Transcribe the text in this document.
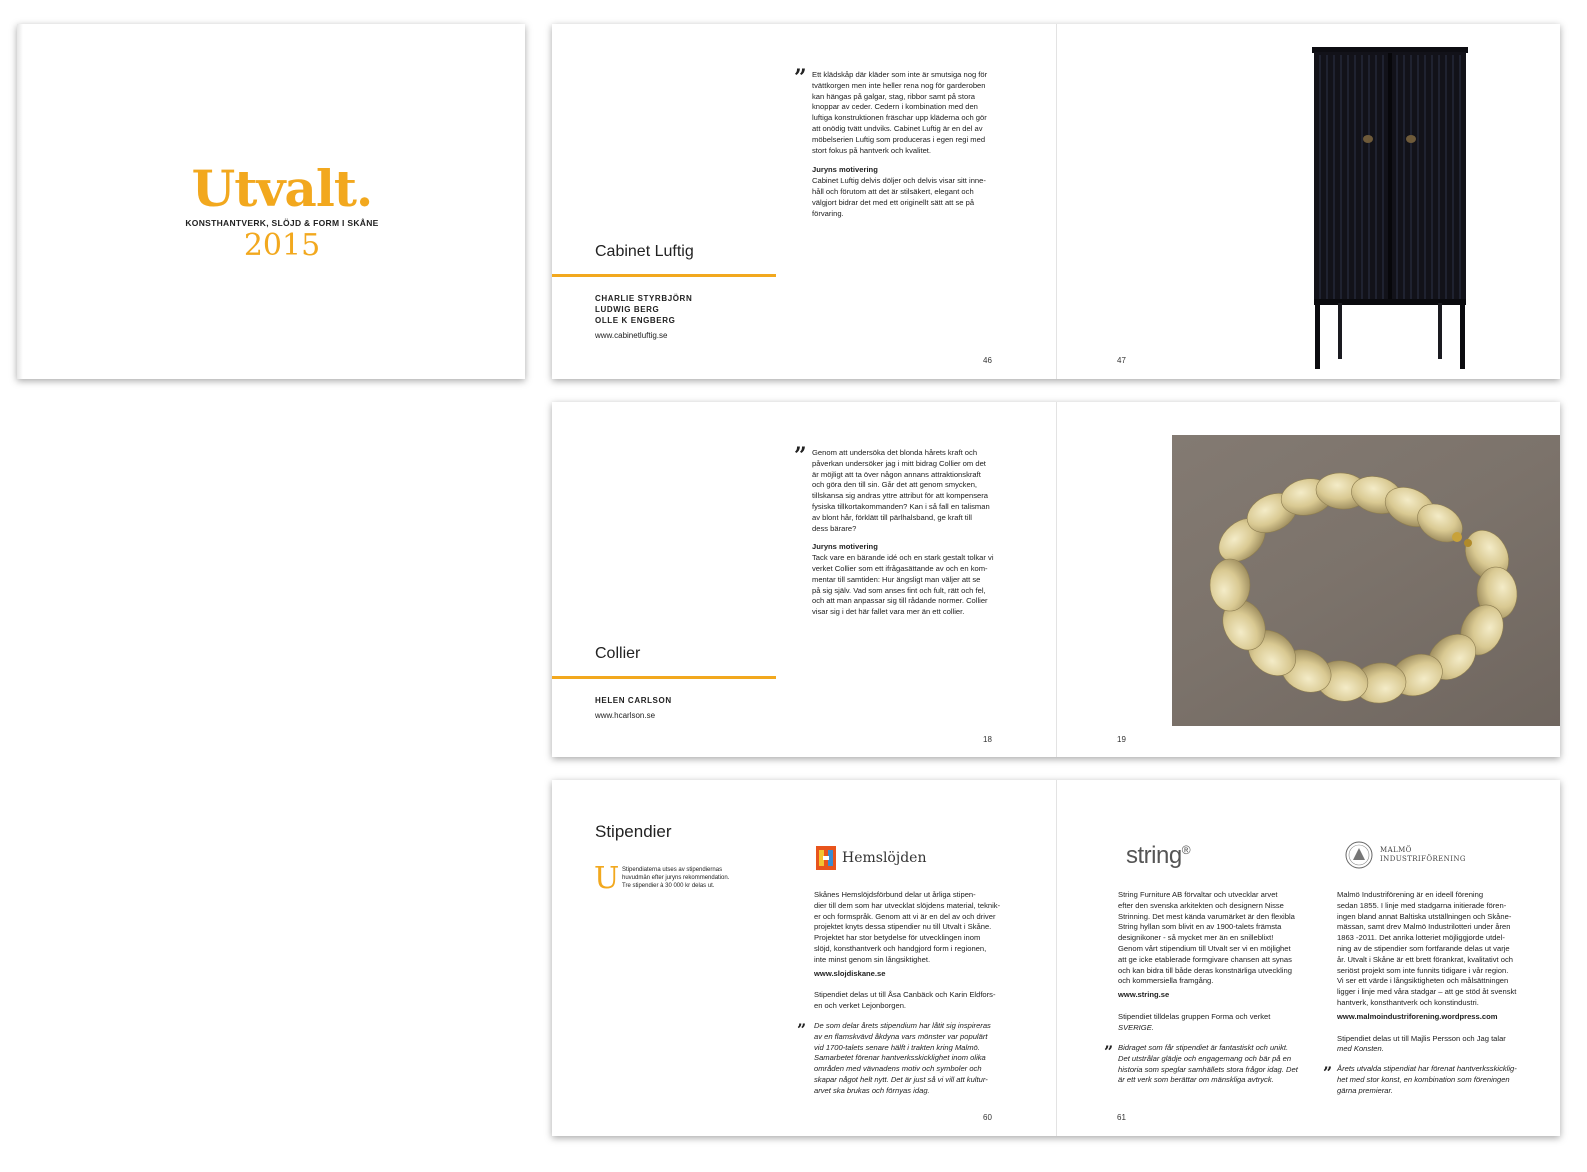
Utvalt.
KONSTHANTVERK, SLÖJD & FORM I SKÅNE
2015
” Ett klädskåp där kläder som inte är smutsiga nog för
tvättkorgen men inte heller rena nog för garderoben
kan hängas på galgar, stag, ribbor samt på stora
knoppar av ceder. Cedern i kombination med den
luftiga konstruktionen fräschar upp kläderna och gör
att onödig tvätt undviks. Cabinet Luftig är en del av
möbelserien Luftig som produceras i egen regi med
stort fokus på hantverk och kvalitet.
Juryns motivering
Cabinet Luftig delvis döljer och delvis visar sitt inne-
håll och förutom att det är stilsäkert, elegant och
välgjort bidrar det med ett originellt sätt att se på
förvaring.
Cabinet Luftig
CHARLIE STYRBJÖRN
LUDWIG BERG
OLLE K ENGBERG
www.cabinetluftig.se
46	47
” Genom att undersöka det blonda hårets kraft och
påverkan undersöker jag i mitt bidrag Collier om det
är möjligt att ta över någon annans attraktionskraft
och göra den till sin. Går det att genom smycken,
tillskansa sig andras yttre attribut för att kompensera
fysiska tillkortakommanden? Kan i så fall en talisman
av blont hår, förklätt till pärlhalsband, ge kraft till
dess bärare?
Juryns motivering
Tack vare en bärande idé och en stark gestalt tolkar vi
verket Collier som ett ifrågasättande av och en kom-
mentar till samtiden: Hur ängsligt man väljer att se
på sig själv. Vad som anses fint och fult, rätt och fel,
och att man anpassar sig till rådande normer. Collier
visar sig i det här fallet vara mer än ett collier.
Collier
HELEN CARLSON
www.hcarlson.se
18	19
Stipendier
U Stipendiaterna utses av stipendiernas
huvudmän efter juryns rekommendation.
Tre stipendier à 30 000 kr delas ut.
Hemslöjden
Skånes Hemslöjdsförbund delar ut årliga stipen-
dier till dem som har utvecklat slöjdens material, teknik-
er och formspråk. Genom att vi är en del av och driver
projektet knyts dessa stipendier nu till Utvalt i Skåne.
Projektet har stor betydelse för utvecklingen inom
slöjd, konsthantverk och handgjord form i regionen,
inte minst genom sin långsiktighet.
www.slojdiskane.se
Stipendiet delas ut till Åsa Canbäck och Karin Eldfors-
en och verket Lejonborgen.
” De som delar årets stipendium har låtit sig inspireras
av en flamskvävd åkdyna vars mönster var populärt
vid 1700-talets senare hälft i trakten kring Malmö.
Samarbetet förenar hantverksskicklighet inom olika
områden med vävnadens motiv och symboler och
skapar något helt nytt. Det är just så vi vill att kultur-
arvet ska brukas och förnyas idag.
string®
String Furniture AB förvaltar och utvecklar arvet
efter den svenska arkitekten och designern Nisse
Strinning. Det mest kända varumärket är den flexibla
String hyllan som blivit en av 1900-talets främsta
designikoner - så mycket mer än en snilleblixt!
Genom vårt stipendium till Utvalt ser vi en möjlighet
att ge icke etablerade formgivare chansen att synas
och kan bidra till både deras konstnärliga utveckling
och kommersiella framgång.
www.string.se
Stipendiet tilldelas gruppen Forma och verket
SVERIGE.
” Bidraget som får stipendiet är fantastiskt och unikt.
Det utstrålar glädje och engagemang och bär på en
historia som speglar samhällets stora frågor idag. Det
är ett verk som berättar om mänskliga avtryck.
MALMÖ
INDUSTRIFÖRENING
Malmö Industriförening är en ideell förening
sedan 1855. I linje med stadgarna initierade fören-
ingen bland annat Baltiska utställningen och Skåne-
mässan, samt drev Malmö Industrilotteri under åren
1863 -2011. Det anrika lotteriet möjliggjorde utdel-
ning av de stipendier som fortfarande delas ut varje
år. Utvalt i Skåne är ett brett förankrat, kvalitativt och
seriöst projekt som inte funnits tidigare i vår region.
Vi ser ett värde i långsiktigheten och målsättningen
ligger i linje med våra stadgar – att ge stöd åt svenskt
hantverk, konsthantverk och konstindustri.
www.malmoindustriforening.wordpress.com
Stipendiet delas ut till Majlis Persson och Jag talar
med Konsten.
” Årets utvalda stipendiat har förenat hantverksskicklig-
het med stor konst, en kombination som föreningen
gärna premierar.
60	61
